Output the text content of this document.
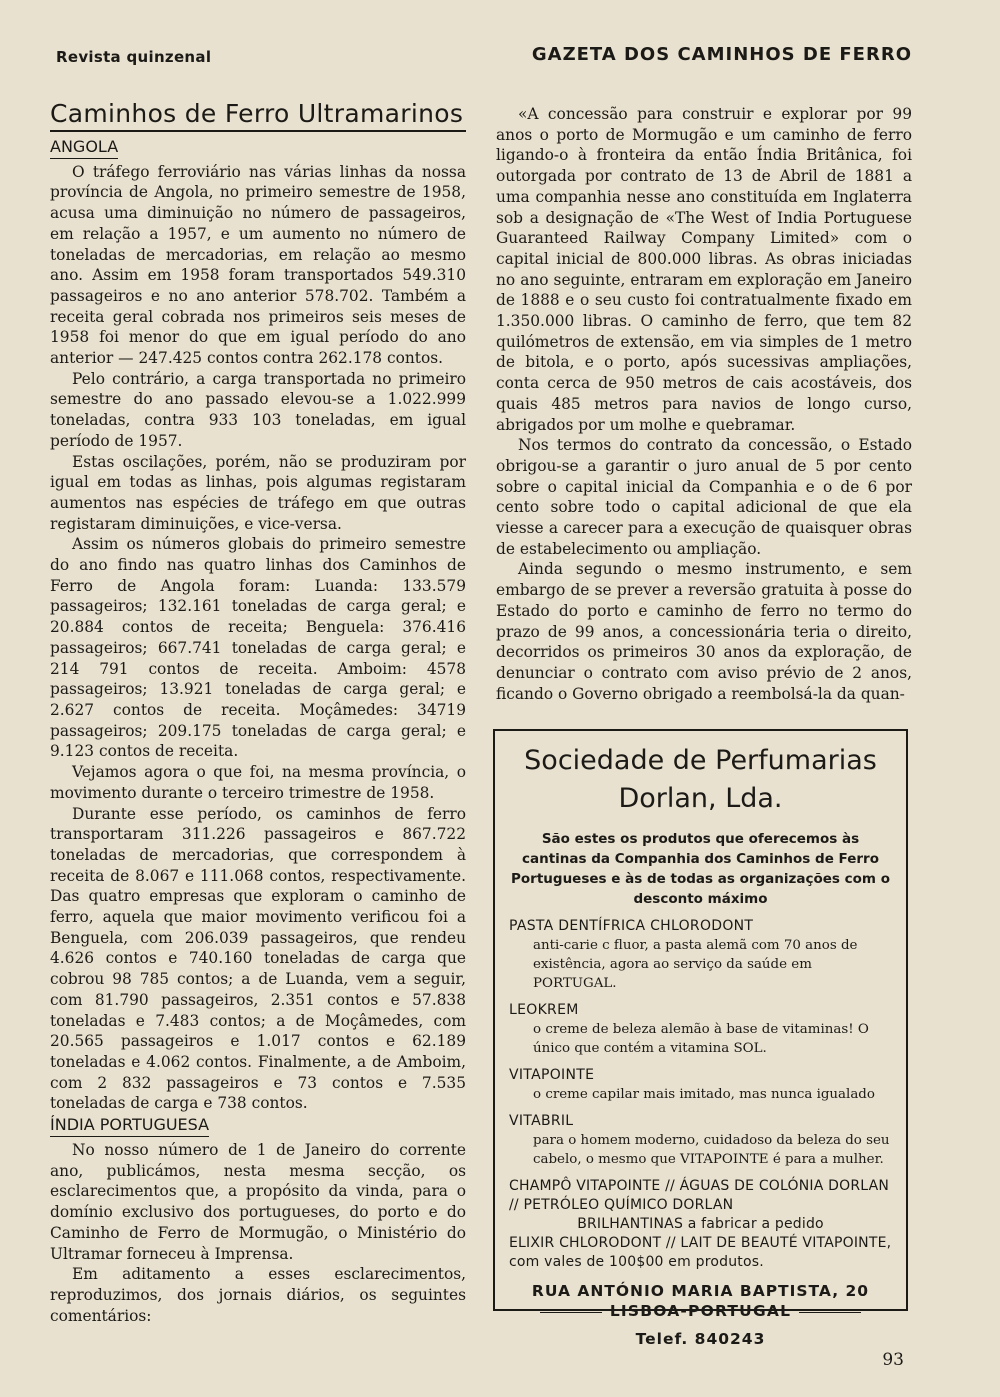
Revista quinzenal	GAZETA DOS CAMINHOS DE FERRO
Caminhos de Ferro Ultramarinos
ANGOLA

O tráfego ferroviário nas várias linhas da nossa província de Angola, no primeiro semestre de 1958, acusa uma diminuição no número de passageiros, em relação a 1957, e um aumento no número de toneladas de mercadorias, em relação ao mesmo ano. Assim em 1958 foram transportados 549.310 passageiros e no ano anterior 578.702. Também a receita geral cobrada nos primeiros seis meses de 1958 foi menor do que em igual período do ano anterior — 247.425 contos contra 262.178 contos.

Pelo contrário, a carga transportada no primeiro semestre do ano passado elevou-se a 1.022.999 toneladas, contra 933 103 toneladas, em igual período de 1957.

Estas oscilações, porém, não se produziram por igual em todas as linhas, pois algumas registaram aumentos nas espécies de tráfego em que outras registaram diminuições, e vice-versa.

Assim os números globais do primeiro semestre do ano findo nas quatro linhas dos Caminhos de Ferro de Angola foram: Luanda: 133.579 passageiros; 132.161 toneladas de carga geral; e 20.884 contos de receita; Benguela: 376.416 passageiros; 667.741 toneladas de carga geral; e 214 791 contos de receita. Amboim: 4578 passageiros; 13.921 toneladas de carga geral; e 2.627 contos de receita. Moçâmedes: 34719 passageiros; 209.175 toneladas de carga geral; e 9.123 contos de receita.

Vejamos agora o que foi, na mesma província, o movimento durante o terceiro trimestre de 1958.

Durante esse período, os caminhos de ferro transportaram 311.226 passageiros e 867.722 toneladas de mercadorias, que correspondem à receita de 8.067 e 111.068 contos, respectivamente. Das quatro empresas que exploram o caminho de ferro, aquela que maior movimento verificou foi a Benguela, com 206.039 passageiros, que rendeu 4.626 contos e 740.160 toneladas de carga que cobrou 98 785 contos; a de Luanda, vem a seguir, com 81.790 passageiros, 2.351 contos e 57.838 toneladas e 7.483 contos; a de Moçâmedes, com 20.565 passageiros e 1.017 contos e 62.189 toneladas e 4.062 contos. Finalmente, a de Amboim, com 2 832 passageiros e 73 contos e 7.535 toneladas de carga e 738 contos.

ÍNDIA PORTUGUESA

No nosso número de 1 de Janeiro do corrente ano, publicámos, nesta mesma secção, os esclarecimentos que, a propósito da vinda, para o domínio exclusivo dos portugueses, do porto e do Caminho de Ferro de Mormugão, o Ministério do Ultramar forneceu à Imprensa.

Em aditamento a esses esclarecimentos, reproduzimos, dos jornais diários, os seguintes comentários:

«A concessão para construir e explorar por 99 anos o porto de Mormugão e um caminho de ferro ligando-o à fronteira da então Índia Britânica, foi outorgada por contrato de 13 de Abril de 1881 a uma companhia nesse ano constituída em Inglaterra sob a designação de «The West of India Portuguese Guaranteed Railway Company Limited» com o capital inicial de 800.000 libras. As obras iniciadas no ano seguinte, entraram em exploração em Janeiro de 1888 e o seu custo foi contratualmente fixado em 1.350.000 libras. O caminho de ferro, que tem 82 quilómetros de extensão, em via simples de 1 metro de bitola, e o porto, após sucessivas ampliações, conta cerca de 950 metros de cais acostáveis, dos quais 485 metros para navios de longo curso, abrigados por um molhe e quebramar.

Nos termos do contrato da concessão, o Estado obrigou-se a garantir o juro anual de 5 por cento sobre o capital inicial da Companhia e o de 6 por cento sobre todo o capital adicional de que ela viesse a carecer para a execução de quaisquer obras de estabelecimento ou ampliação.

Ainda segundo o mesmo instrumento, e sem embargo de se prever a reversão gratuita à posse do Estado do porto e caminho de ferro no termo do prazo de 99 anos, a concessionária teria o direito, decorridos os primeiros 30 anos da exploração, de denunciar o contrato com aviso prévio de 2 anos, ficando o Governo obrigado a reembolsá-la da quan-

Sociedade de Perfumarias
Dorlan, Lda.
São estes os produtos que oferecemos às cantinas da Companhia dos Caminhos de Ferro Portugueses e às de todas as organizações com o desconto máximo
PASTA DENTÍFRICA CHLORODONT
anti-carie c fluor, a pasta alemã com 70 anos de existência, agora ao serviço da saúde em PORTUGAL.
LEOKREM
o creme de beleza alemão à base de vitaminas! O único que contém a vitamina SOL.
VITAPOINTE
o creme capilar mais imitado, mas nunca igualado
VITABRIL
para o homem moderno, cuidadoso da beleza do seu cabelo, o mesmo que VITAPOINTE é para a mulher.
CHAMPÔ VITAPOINTE // ÁGUAS DE COLÓNIA DORLAN // PETRÓLEO QUÍMICO DORLAN
BRILHANTINAS a fabricar a pedido
ELIXIR CHLORODONT // LAIT DE BEAUTÉ VITAPOINTE, com vales de 100$00 em produtos.
RUA ANTÓNIO MARIA BAPTISTA, 20
LISBOA-PORTUGAL
Telef. 840243
93
